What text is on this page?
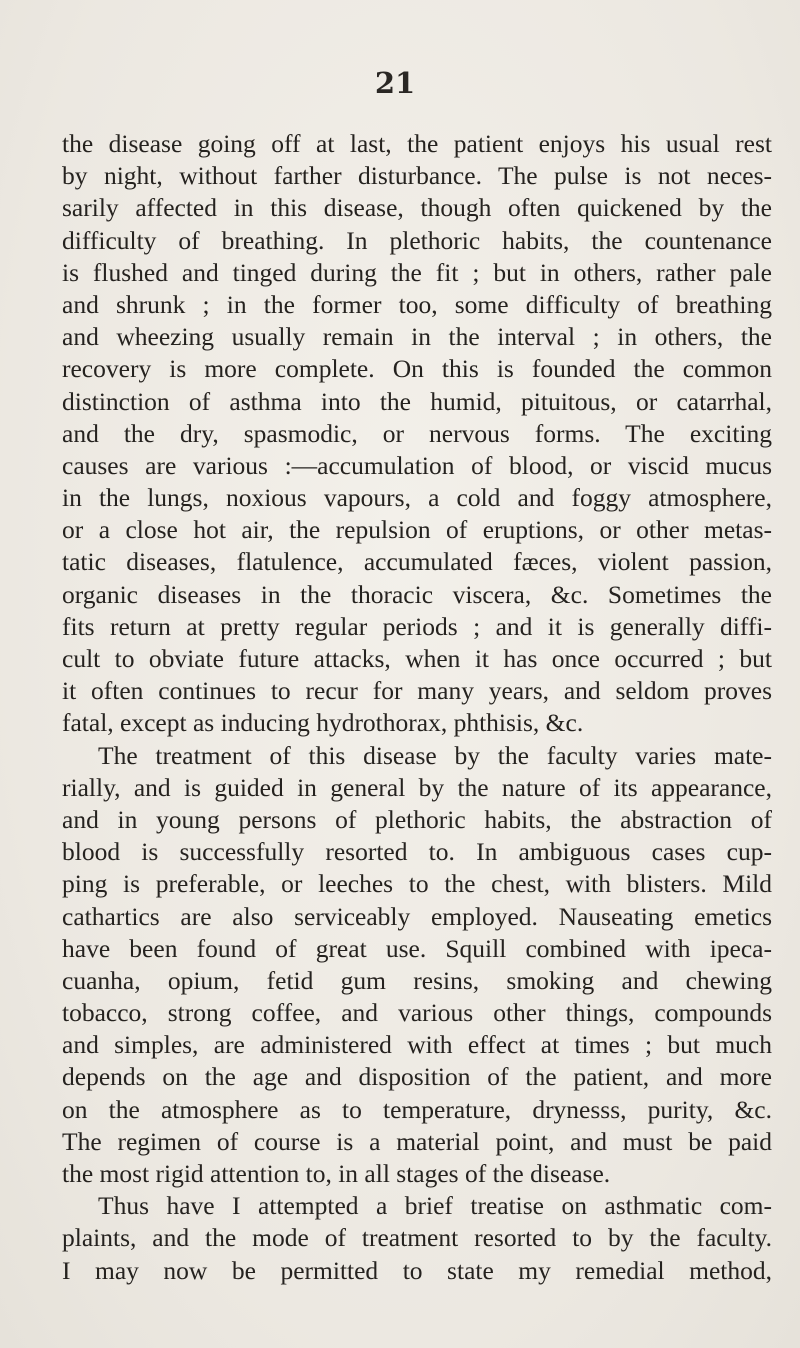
21
the disease going off at last, the patient enjoys his usual rest
by night, without farther disturbance. The pulse is not neces-
sarily affected in this disease, though often quickened by the
difficulty of breathing. In plethoric habits, the countenance
is flushed and tinged during the fit ; but in others, rather pale
and shrunk ; in the former too, some difficulty of breathing
and wheezing usually remain in the interval ; in others, the
recovery is more complete. On this is founded the common
distinction of asthma into the humid, pituitous, or catarrhal,
and the dry, spasmodic, or nervous forms. The exciting
causes are various :—accumulation of blood, or viscid mucus
in the lungs, noxious vapours, a cold and foggy atmosphere,
or a close hot air, the repulsion of eruptions, or other metas-
tatic diseases, flatulence, accumulated fæces, violent passion,
organic diseases in the thoracic viscera, &c. Sometimes the
fits return at pretty regular periods ; and it is generally diffi-
cult to obviate future attacks, when it has once occurred ; but
it often continues to recur for many years, and seldom proves
fatal, except as inducing hydrothorax, phthisis, &c.
The treatment of this disease by the faculty varies mate-
rially, and is guided in general by the nature of its appearance,
and in young persons of plethoric habits, the abstraction of
blood is successfully resorted to. In ambiguous cases cup-
ping is preferable, or leeches to the chest, with blisters. Mild
cathartics are also serviceably employed. Nauseating emetics
have been found of great use. Squill combined with ipeca-
cuanha, opium, fetid gum resins, smoking and chewing
tobacco, strong coffee, and various other things, compounds
and simples, are administered with effect at times ; but much
depends on the age and disposition of the patient, and more
on the atmosphere as to temperature, drynesss, purity, &c.
The regimen of course is a material point, and must be paid
the most rigid attention to, in all stages of the disease.
Thus have I attempted a brief treatise on asthmatic com-
plaints, and the mode of treatment resorted to by the faculty.
I may now be permitted to state my remedial method,
